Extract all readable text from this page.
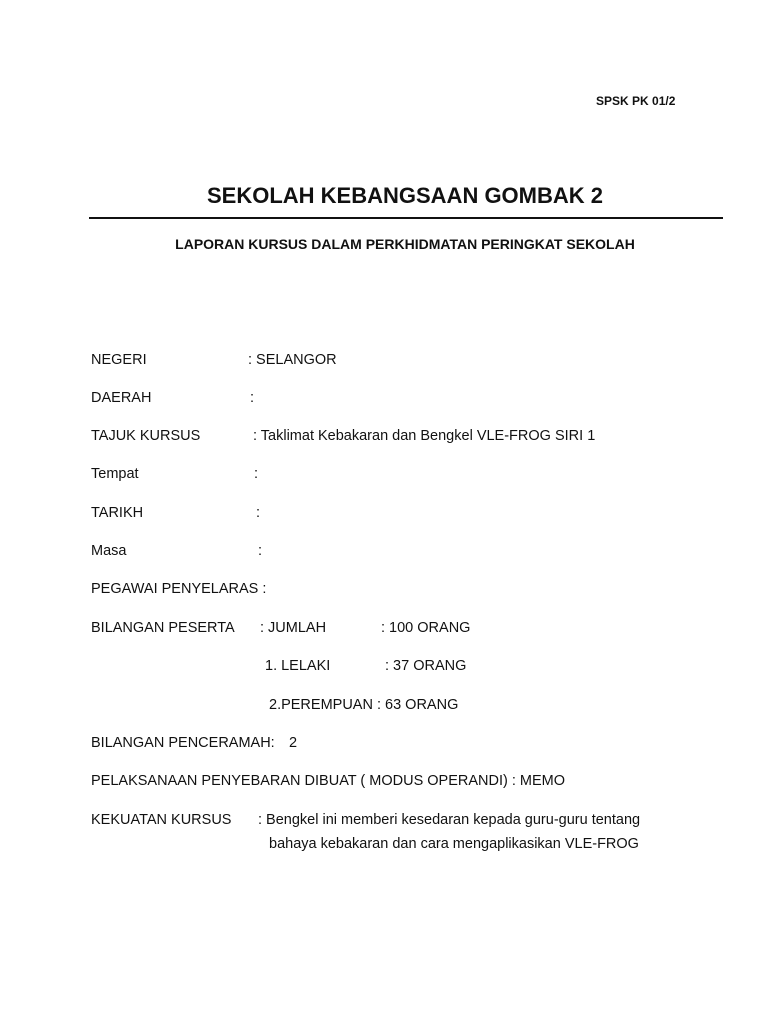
SPSK PK 01/2
SEKOLAH KEBANGSAAN GOMBAK 2
LAPORAN KURSUS DALAM PERKHIDMATAN PERINGKAT SEKOLAH
NEGERI	: SELANGOR
DAERAH	:
TAJUK KURSUS	: Taklimat Kebakaran dan Bengkel VLE-FROG SIRI 1
Tempat	:
TARIKH	:
Masa	:
PEGAWAI PENYELARAS :
BILANGAN PESERTA : JUMLAH	: 100 ORANG
1. LELAKI	: 37 ORANG
2.PEREMPUAN : 63 ORANG
BILANGAN PENCERAMAH: 2
PELAKSANAAN PENYEBARAN DIBUAT ( MODUS OPERANDI) : MEMO
KEKUATAN KURSUS : Bengkel ini memberi kesedaran kepada guru-guru tentang
bahaya kebakaran dan cara mengaplikasikan VLE-FROG
